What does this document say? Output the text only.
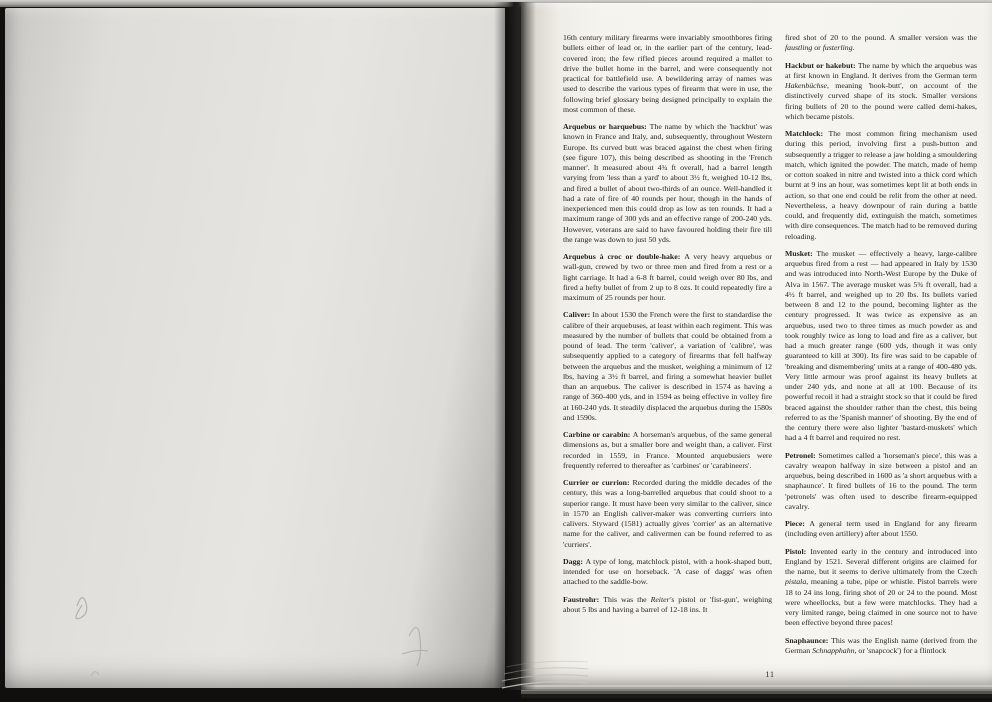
16th century military firearms were invariably smoothbores firing bullets either of lead or, in the earlier part of the century, lead-covered iron; the few rifled pieces around required a mallet to drive the bullet home in the barrel, and were consequently not practical for battlefield use. A bewildering array of names was used to describe the various types of firearm that were in use, the following brief glossary being designed principally to explain the most common of these.

Arquebus or harquebus: The name by which the 'hackbut' was known in France and Italy, and, subsequently, throughout Western Europe. Its curved butt was braced against the chest when firing (see figure 107), this being described as shooting in the 'French manner'. It measured about 4¾ ft overall, had a barrel length varying from 'less than a yard' to about 3½ ft, weighed 10-12 lbs, and fired a bullet of about two-thirds of an ounce. Well-handled it had a rate of fire of 40 rounds per hour, though in the hands of inexperienced men this could drop as low as ten rounds. It had a maximum range of 300 yds and an effective range of 200-240 yds. However, veterans are said to have favoured holding their fire till the range was down to just 50 yds.

Arquebus à croc or double-hake: A very heavy arquebus or wall-gun, crewed by two or three men and fired from a rest or a light carriage. It had a 6-8 ft barrel, could weigh over 80 lbs, and fired a hefty bullet of from 2 up to 8 ozs. It could repeatedly fire a maximum of 25 rounds per hour.

Caliver: In about 1530 the French were the first to standardise the calibre of their arquebuses, at least within each regiment. This was measured by the number of bullets that could be obtained from a pound of lead. The term 'caliver', a variation of 'calibre', was subsequently applied to a category of firearms that fell halfway between the arquebus and the musket, weighing a minimum of 12 lbs, having a 3½ ft barrel, and firing a somewhat heavier bullet than an arquebus. The caliver is described in 1574 as having a range of 360-400 yds, and in 1594 as being effective in volley fire at 160-240 yds. It steadily displaced the arquebus during the 1580s and 1590s.

Carbine or carabin: A horseman's arquebus, of the same general dimensions as, but a smaller bore and weight than, a caliver. First recorded in 1559, in France. Mounted arquebusiers were frequently referred to thereafter as 'carbines' or 'carabineers'.

Currier or currion: Recorded during the middle decades of the century, this was a long-barrelled arquebus that could shoot to a superior range. It must have been very similar to the caliver, since in 1570 an English caliver-maker was converting curriers into calivers. Styward (1581) actually gives 'corrier' as an alternative name for the caliver, and calivermen can be found referred to as 'curriers'.

Dagg: A type of long, matchlock pistol, with a hook-shaped butt, intended for use on horseback. 'A case of daggs' was often attached to the saddle-bow.

Faustrohr: This was the Reiter's pistol or 'fist-gun', weighing about 5 lbs and having a barrel of 12-18 ins. It

fired shot of 20 to the pound. A smaller version was the faustling or fusterling.

Hackbut or hakebut: The name by which the arquebus was at first known in England. It derives from the German term Hakenbüchse, meaning 'hook-butt', on account of the distinctively curved shape of its stock. Smaller versions firing bullets of 20 to the pound were called demi-hakes, which became pistols.

Matchlock: The most common firing mechanism used during this period, involving first a push-button and subsequently a trigger to release a jaw holding a smouldering match, which ignited the powder. The match, made of hemp or cotton soaked in nitre and twisted into a thick cord which burnt at 9 ins an hour, was sometimes kept lit at both ends in action, so that one end could be relit from the other at need. Nevertheless, a heavy downpour of rain during a battle could, and frequently did, extinguish the match, sometimes with dire consequences. The match had to be removed during reloading.

Musket: The musket — effectively a heavy, large-calibre arquebus fired from a rest — had appeared in Italy by 1530 and was introduced into North-West Europe by the Duke of Alva in 1567. The average musket was 5¾ ft overall, had a 4½ ft barrel, and weighed up to 20 lbs. Its bullets varied between 8 and 12 to the pound, becoming lighter as the century progressed. It was twice as expensive as an arquebus, used two to three times as much powder as and took roughly twice as long to load and fire as a caliver, but had a much greater range (600 yds, though it was only guaranteed to kill at 300). Its fire was said to be capable of 'breaking and dismembering' units at a range of 400-480 yds. Very little armour was proof against its heavy bullets at under 240 yds, and none at all at 100. Because of its powerful recoil it had a straight stock so that it could be fired braced against the shoulder rather than the chest, this being referred to as the 'Spanish manner' of shooting. By the end of the century there were also lighter 'bastard-muskets' which had a 4 ft barrel and required no rest.

Petronel: Sometimes called a 'horseman's piece', this was a cavalry weapon halfway in size between a pistol and an arquebus, being described in 1600 as 'a short arquebus with a snaphaunce'. It fired bullets of 16 to the pound. The term 'petronels' was often used to describe firearm-equipped cavalry.

Piece: A general term used in England for any firearm (including even artillery) after about 1550.

Pistol: Invented early in the century and introduced into England by 1521. Several different origins are claimed for the name, but it seems to derive ultimately from the Czech pistala, meaning a tube, pipe or whistle. Pistol barrels were 18 to 24 ins long, firing shot of 20 or 24 to the pound. Most were wheellocks, but a few were matchlocks. They had a very limited range, being claimed in one source not to have been effective beyond three paces!

Snaphaunce: This was the English name (derived from the German Schnapphahn, or 'snapcock') for a flintlock

11
